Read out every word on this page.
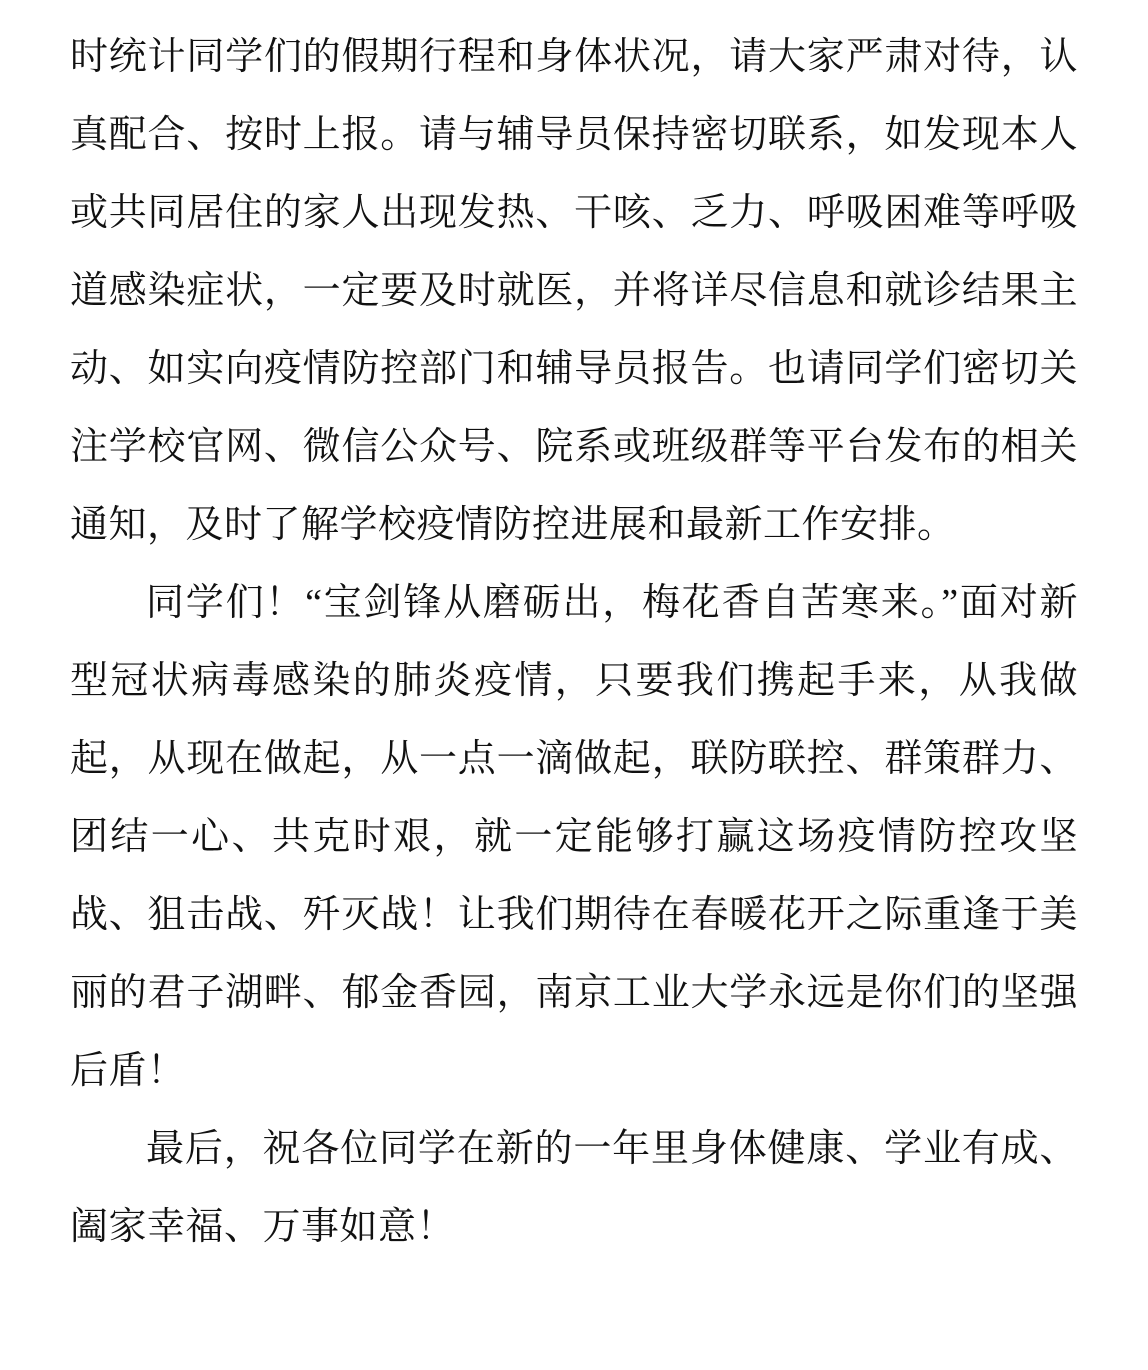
时统计同学们的假期行程和身体状况，请大家严肃对待，认真配合、按时上报。请与辅导员保持密切联系，如发现本人或共同居住的家人出现发热、干咳、乏力、呼吸困难等呼吸道感染症状，一定要及时就医，并将详尽信息和就诊结果主动、如实向疫情防控部门和辅导员报告。也请同学们密切关注学校官网、微信公众号、院系或班级群等平台发布的相关通知，及时了解学校疫情防控进展和最新工作安排。

同学们！“宝剑锋从磨砺出，梅花香自苦寒来。”面对新型冠状病毒感染的肺炎疫情，只要我们携起手来，从我做起，从现在做起，从一点一滴做起，联防联控、群策群力、团结一心、共克时艰，就一定能够打赢这场疫情防控攻坚战、狙击战、歼灭战！让我们期待在春暖花开之际重逢于美丽的君子湖畔、郁金香园，南京工业大学永远是你们的坚强后盾！

最后，祝各位同学在新的一年里身体健康、学业有成、阖家幸福、万事如意！
